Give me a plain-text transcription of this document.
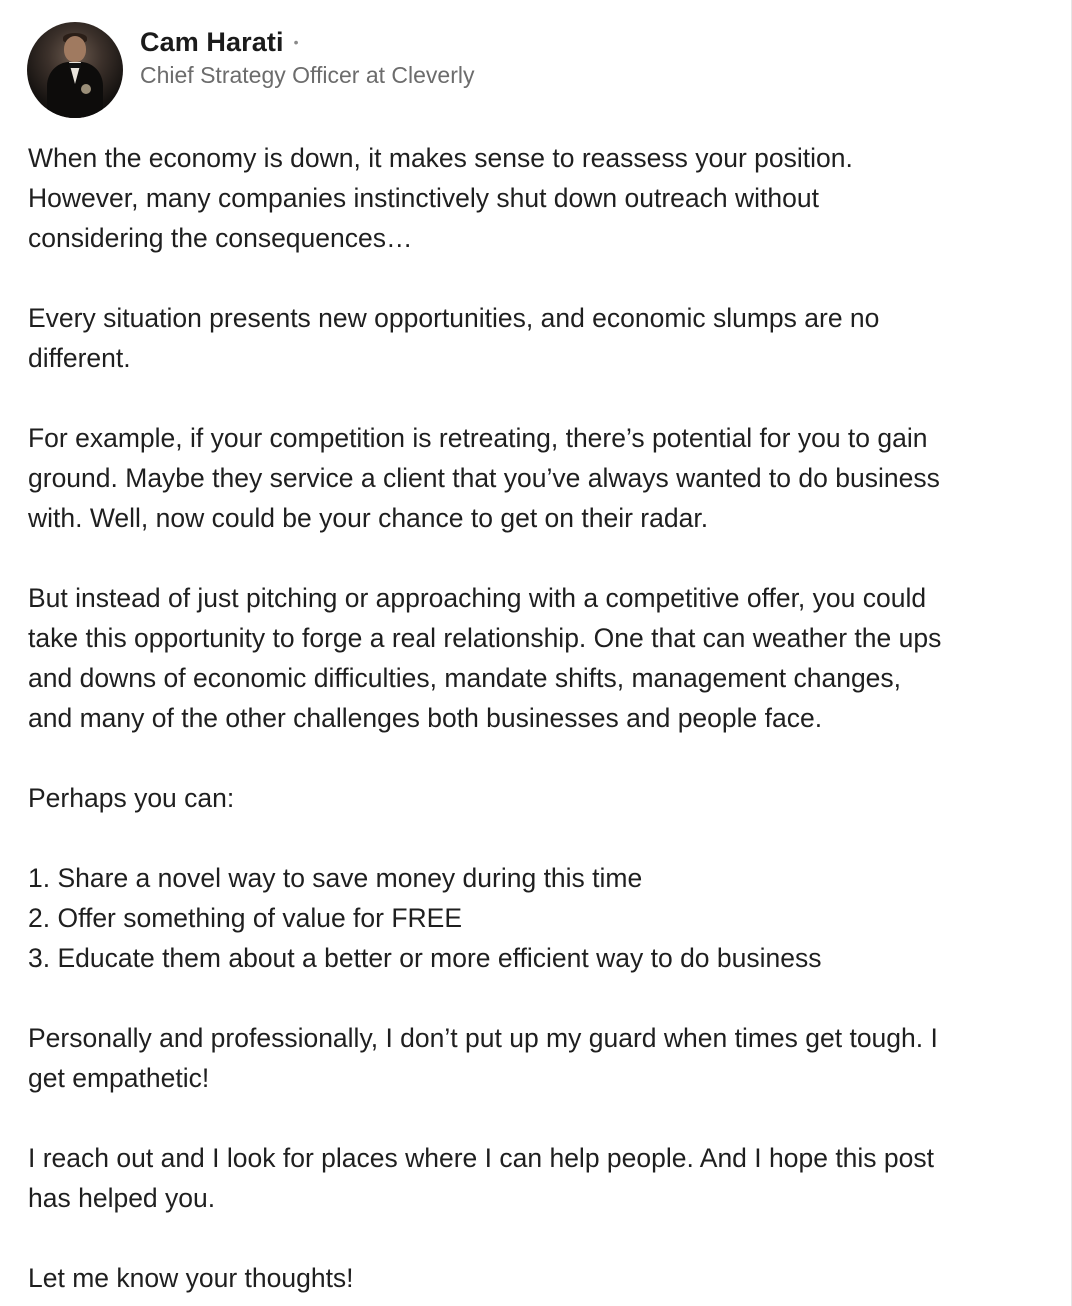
Cam Harati •
Chief Strategy Officer at Cleverly
When the economy is down, it makes sense to reassess your position.
However, many companies instinctively shut down outreach without
considering the consequences…
Every situation presents new opportunities, and economic slumps are no
different.
For example, if your competition is retreating, there’s potential for you to gain
ground. Maybe they service a client that you’ve always wanted to do business
with. Well, now could be your chance to get on their radar.
But instead of just pitching or approaching with a competitive offer, you could
take this opportunity to forge a real relationship. One that can weather the ups
and downs of economic difficulties, mandate shifts, management changes,
and many of the other challenges both businesses and people face.
Perhaps you can:
1. Share a novel way to save money during this time
2. Offer something of value for FREE
3. Educate them about a better or more efficient way to do business
Personally and professionally, I don’t put up my guard when times get tough. I
get empathetic!
I reach out and I look for places where I can help people. And I hope this post
has helped you.
Let me know your thoughts!
